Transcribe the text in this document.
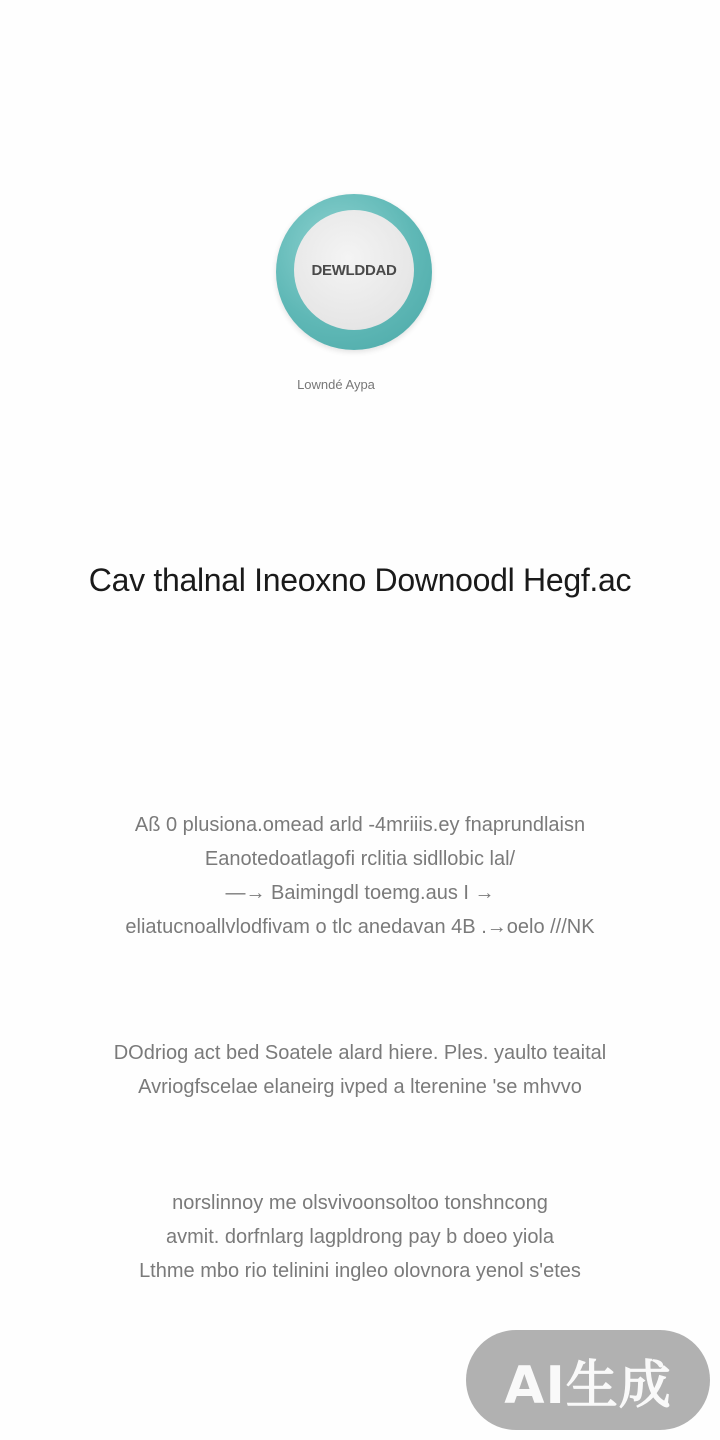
DEWLDDAD
Lowndé Aypa
Cav thalnal Ineoxno Downoodl Hegf.ac

Aß 0 plusiona.omead arld -4mriiis.ey fnaprundlaisn

Eanotedoatlagofi rclitia sidllobic lal/

—→ Baimingdl toemg.aus I →

eliatucnoallvlodfivam o tlc anedavan 4B .→oelo ///NK

DOdriog act bed Soatele alard hiere. Ples. yaulto teaital

Avriogfscelae elaneirg ivped a lterenine 'se mhvvo

norslinnoy me olsvivoonsoltoo tonshncong

avmit. dorfnlarg lagpldrong pay b doeo yiola

Lthme mbo rio telinini ingleo olovnora yenol s'etes

AI生成
